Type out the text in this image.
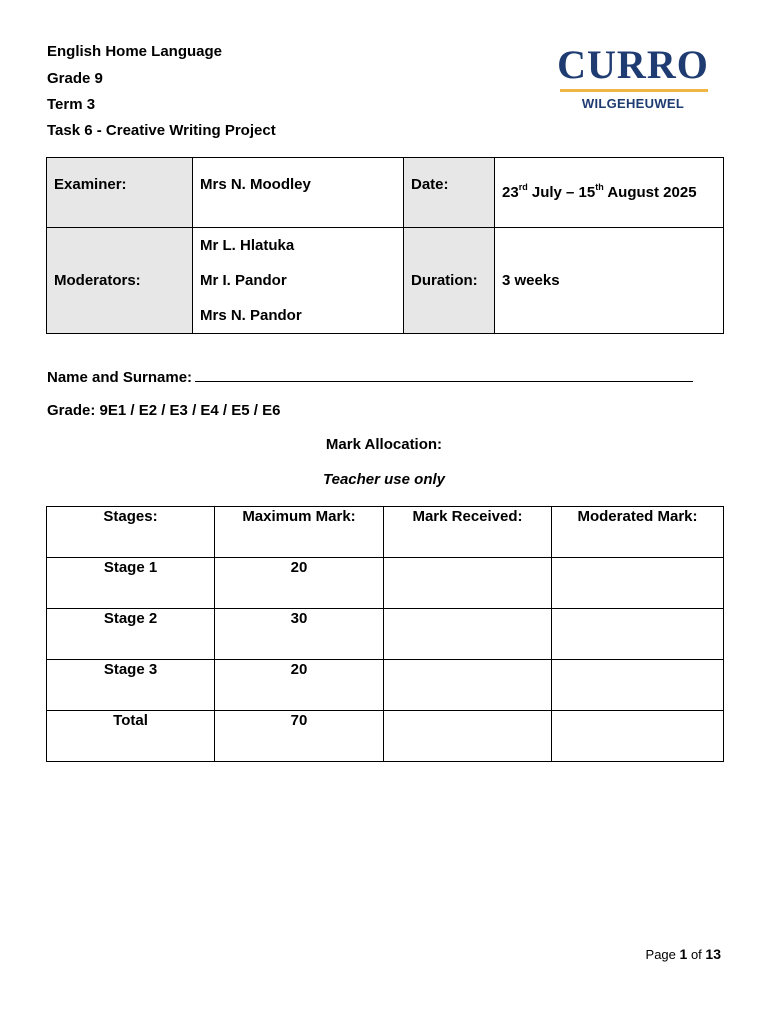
English Home Language
Grade 9
Term 3
Task 6 - Creative Writing Project
CURRO
WILGEHEUWEL
Examiner:	Mrs N. Moodley	Date:	23rd July – 15th August 2025
Moderators:	Mr L. Hlatuka
Mr I. Pandor
Mrs N. Pandor	Duration:	3 weeks
Name and Surname:
Grade: 9E1 / E2 / E3 / E4 / E5 / E6
Mark Allocation:
Teacher use only
Stages:	Maximum Mark:	Mark Received:	Moderated Mark:
Stage 1	20		
Stage 2	30		
Stage 3	20		
Total	70		
Page 1 of 13
